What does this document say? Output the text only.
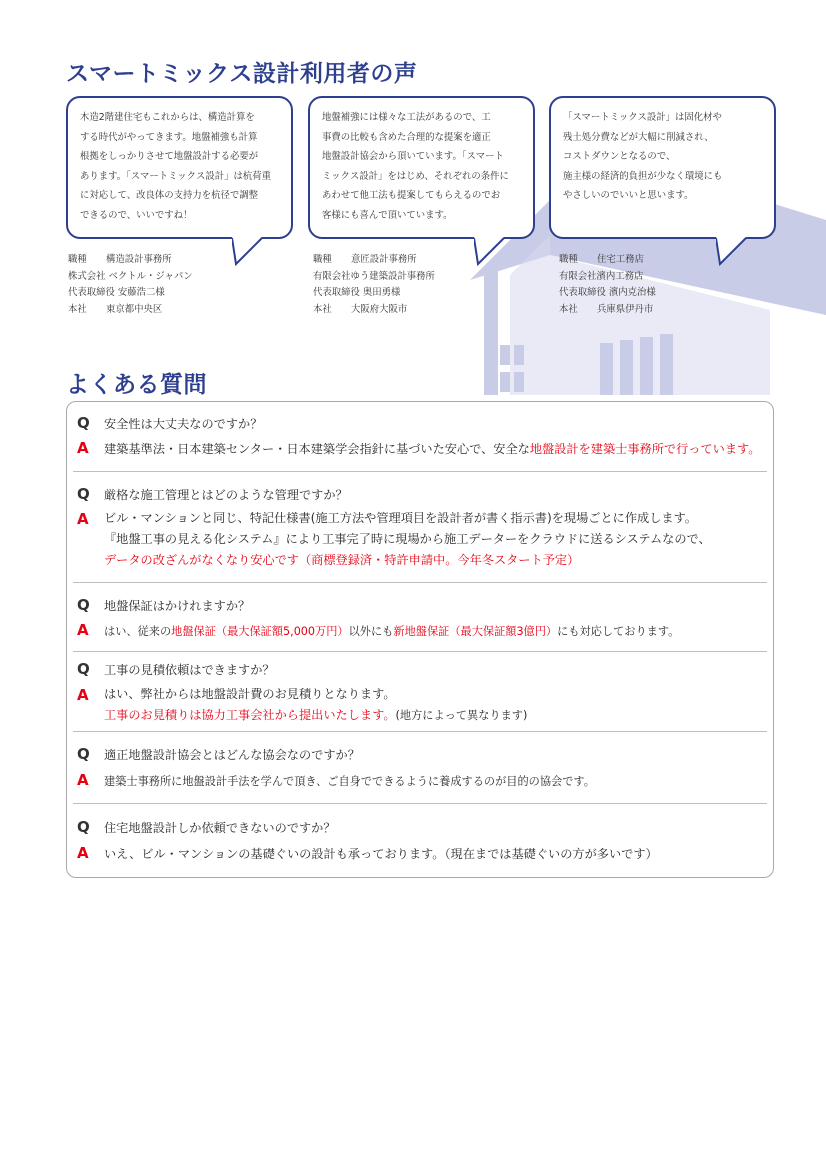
スマートミックス設計利用者の声
木造2階建住宅もこれからは、構造計算を
する時代がやってきます。地盤補強も計算
根拠をしっかりさせて地盤設計する必要が
あります。「スマートミックス設計」は杭荷重
に対応して、改良体の支持力を杭径で調整
できるので、いいですね！
職種 構造設計事務所
株式会社 ベクトル・ジャパン
代表取締役 安藤浩二様
本社 東京都中央区
地盤補強には様々な工法があるので、工
事費の比較も含めた合理的な提案を適正
地盤設計協会から頂いています。「スマート
ミックス設計」をはじめ、それぞれの条件に
あわせて他工法も提案してもらえるのでお
客様にも喜んで頂いています。
職種 意匠設計事務所
有限会社ゆう建築設計事務所
代表取締役 奥田勇様
本社 大阪府大阪市
「スマートミックス設計」は固化材や
残土処分費などが大幅に削減され、
コストダウンとなるので、
施主様の経済的負担が少なく環境にも
やさしいのでいいと思います。
職種 住宅工務店
有限会社濱内工務店
代表取締役 濱内克治様
本社 兵庫県伊丹市
よくある質問
Q 安全性は大丈夫なのですか？
A 建築基準法・日本建築センター・日本建築学会指針に基づいた安心で、安全な地盤設計を建築士事務所で行っています。
Q 厳格な施工管理とはどのような管理ですか？
A ビル・マンションと同じ、特記仕様書(施工方法や管理項目を設計者が書く指示書)を現場ごとに作成します。
『地盤工事の見える化システム』により工事完了時に現場から施工データーをクラウドに送るシステムなので、
データの改ざんがなくなり安心です（商標登録済・特許申請中。今年冬スタート予定）
Q 地盤保証はかけれますか？
A はい、従来の地盤保証（最大保証額5,000万円）以外にも新地盤保証（最大保証額3億円）にも対応しております。
Q 工事の見積依頼はできますか？
A はい、弊社からは地盤設計費のお見積りとなります。
工事のお見積りは協力工事会社から提出いたします。(地方によって異なります)
Q 適正地盤設計協会とはどんな協会なのですか？
A 建築士事務所に地盤設計手法を学んで頂き、ご自身でできるように養成するのが目的の協会です。
Q 住宅地盤設計しか依頼できないのですか？
A いえ、ビル・マンションの基礎ぐいの設計も承っております。（現在までは基礎ぐいの方が多いです）
